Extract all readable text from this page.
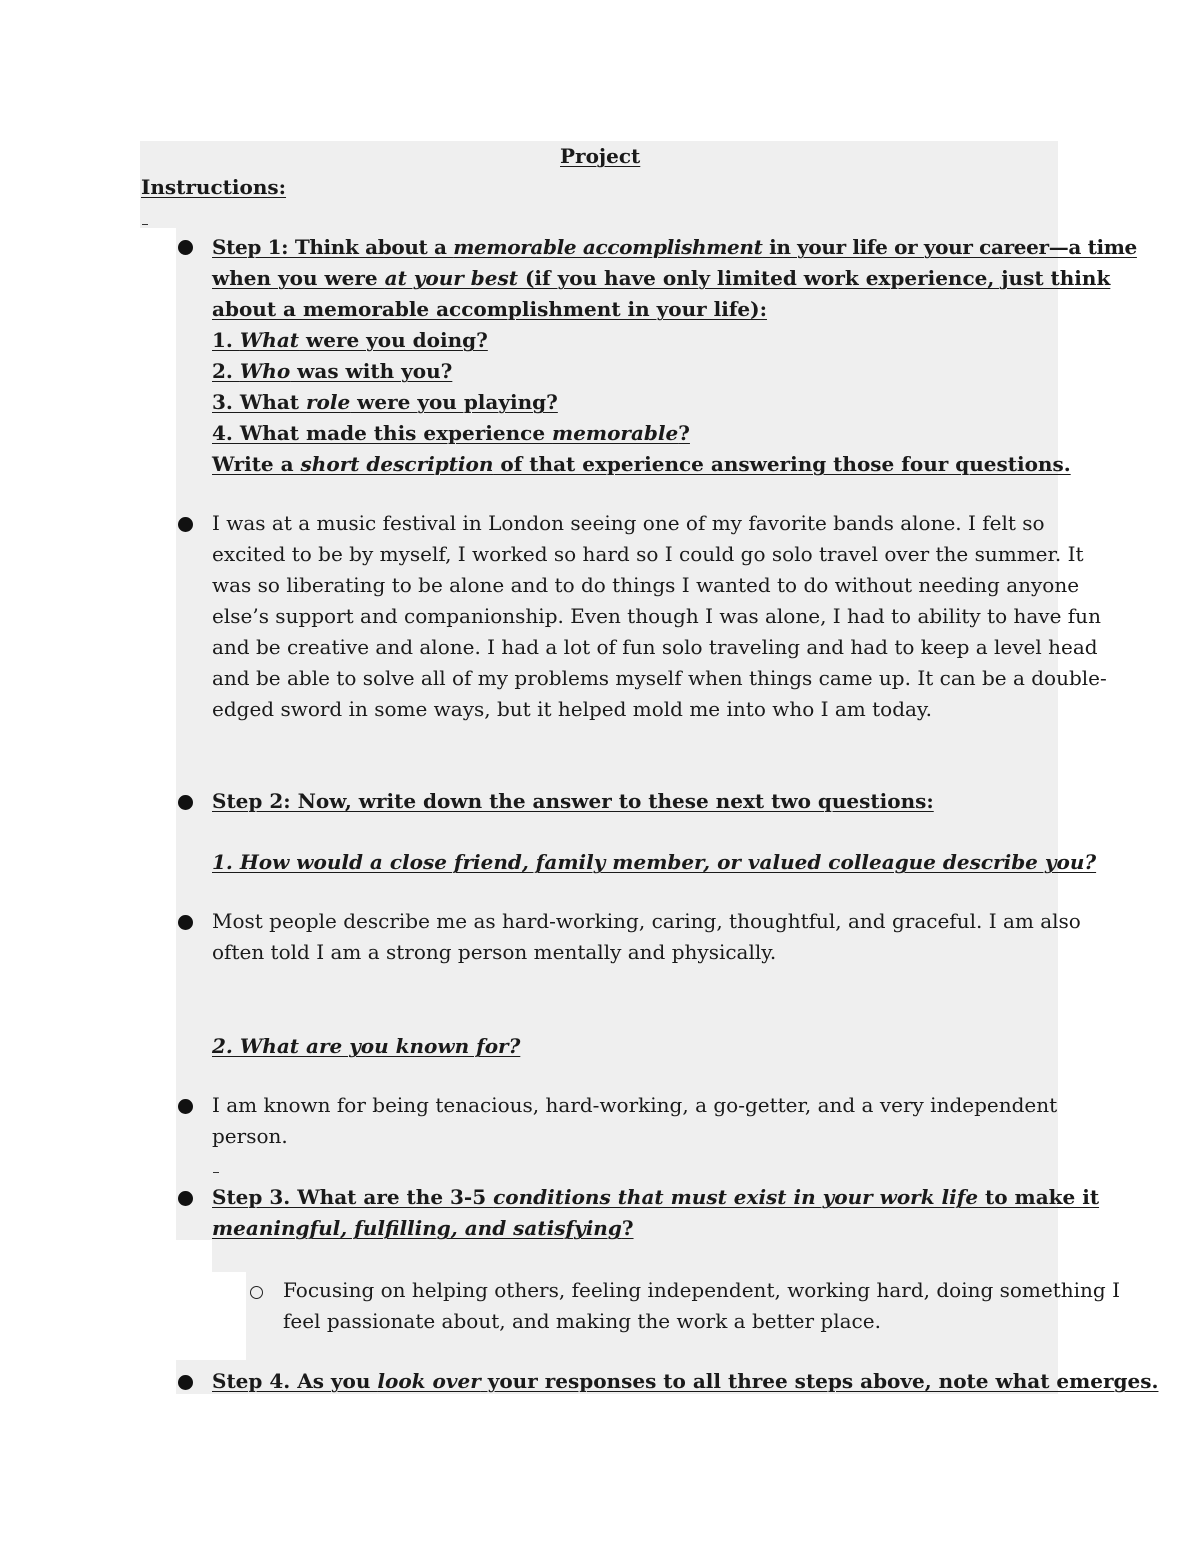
Project
Instructions:
Step 1: Think about a memorable accomplishment in your life or your career—a time
when you were at your best (if you have only limited work experience, just think
about a memorable accomplishment in your life):
1. What were you doing?
2. Who was with you?
3. What role were you playing?
4. What made this experience memorable?
Write a short description of that experience answering those four questions.
I was at a music festival in London seeing one of my favorite bands alone. I felt so
excited to be by myself, I worked so hard so I could go solo travel over the summer. It
was so liberating to be alone and to do things I wanted to do without needing anyone
else’s support and companionship. Even though I was alone, I had to ability to have fun
and be creative and alone. I had a lot of fun solo traveling and had to keep a level head
and be able to solve all of my problems myself when things came up. It can be a double-
edged sword in some ways, but it helped mold me into who I am today.
Step 2: Now, write down the answer to these next two questions:
1. How would a close friend, family member, or valued colleague describe you?
Most people describe me as hard-working, caring, thoughtful, and graceful. I am also
often told I am a strong person mentally and physically.
2. What are you known for?
I am known for being tenacious, hard-working, a go-getter, and a very independent
person.
Step 3. What are the 3-5 conditions that must exist in your work life to make it
meaningful, fulfilling, and satisfying?
Focusing on helping others, feeling independent, working hard, doing something I
feel passionate about, and making the work a better place.
Step 4. As you look over your responses to all three steps above, note what emerges.
